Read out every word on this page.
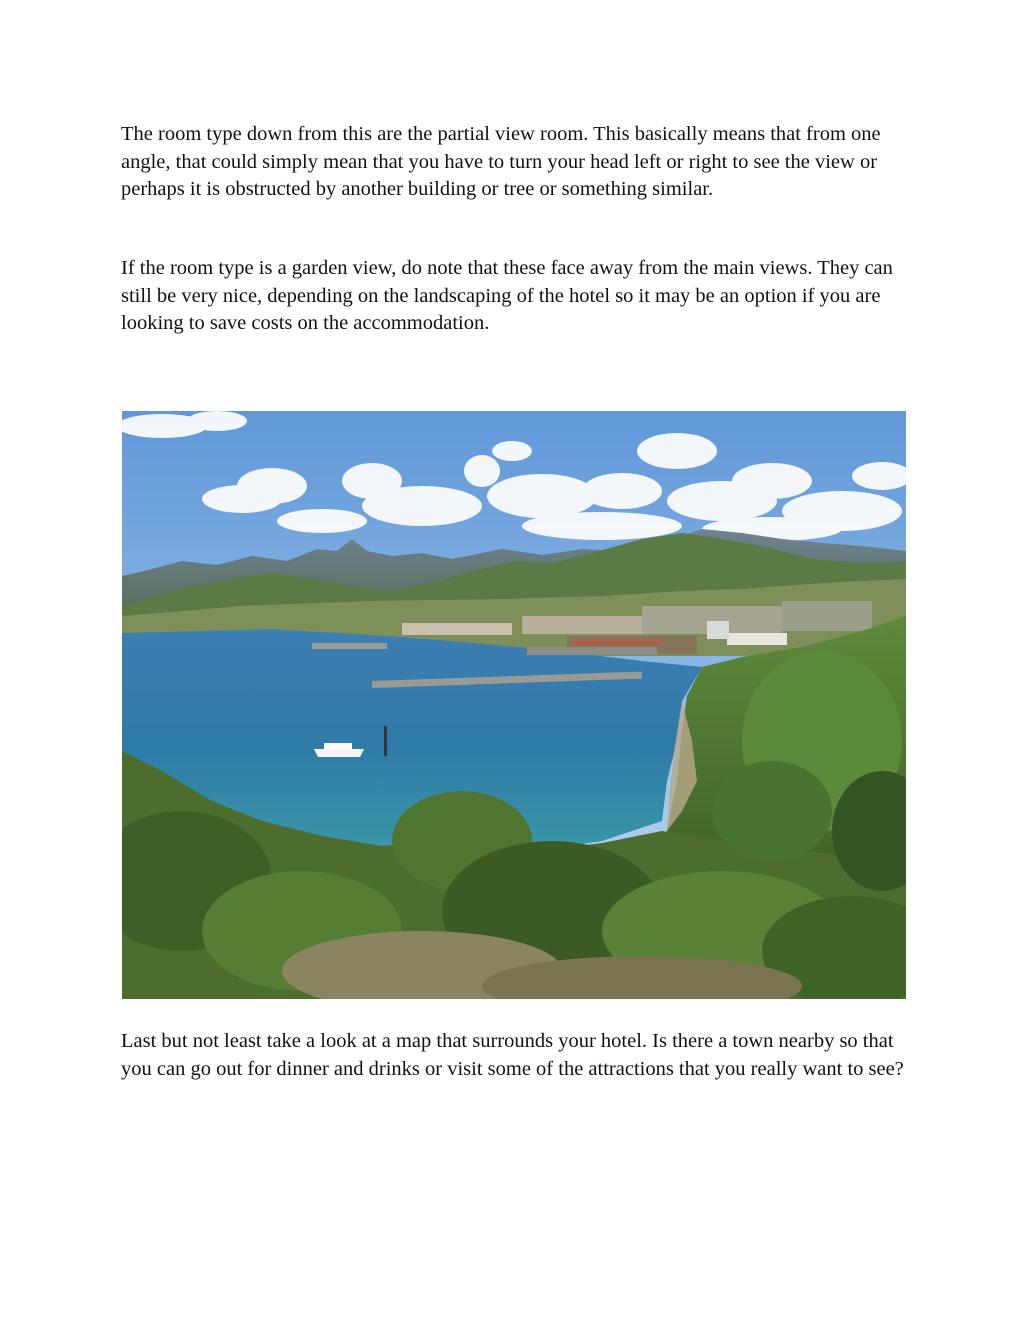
The room type down from this are the partial view room. This basically means that from one angle, that could simply mean that you have to turn your head left or right to see the view or perhaps it is obstructed by another building or tree or something similar.

If the room type is a garden view, do note that these face away from the main views. They can still be very nice, depending on the landscaping of the hotel so it may be an option if you are looking to save costs on the accommodation.

Last but not least take a look at a map that surrounds your hotel. Is there a town nearby so that you can go out for dinner and drinks or visit some of the attractions that you really want to see?
